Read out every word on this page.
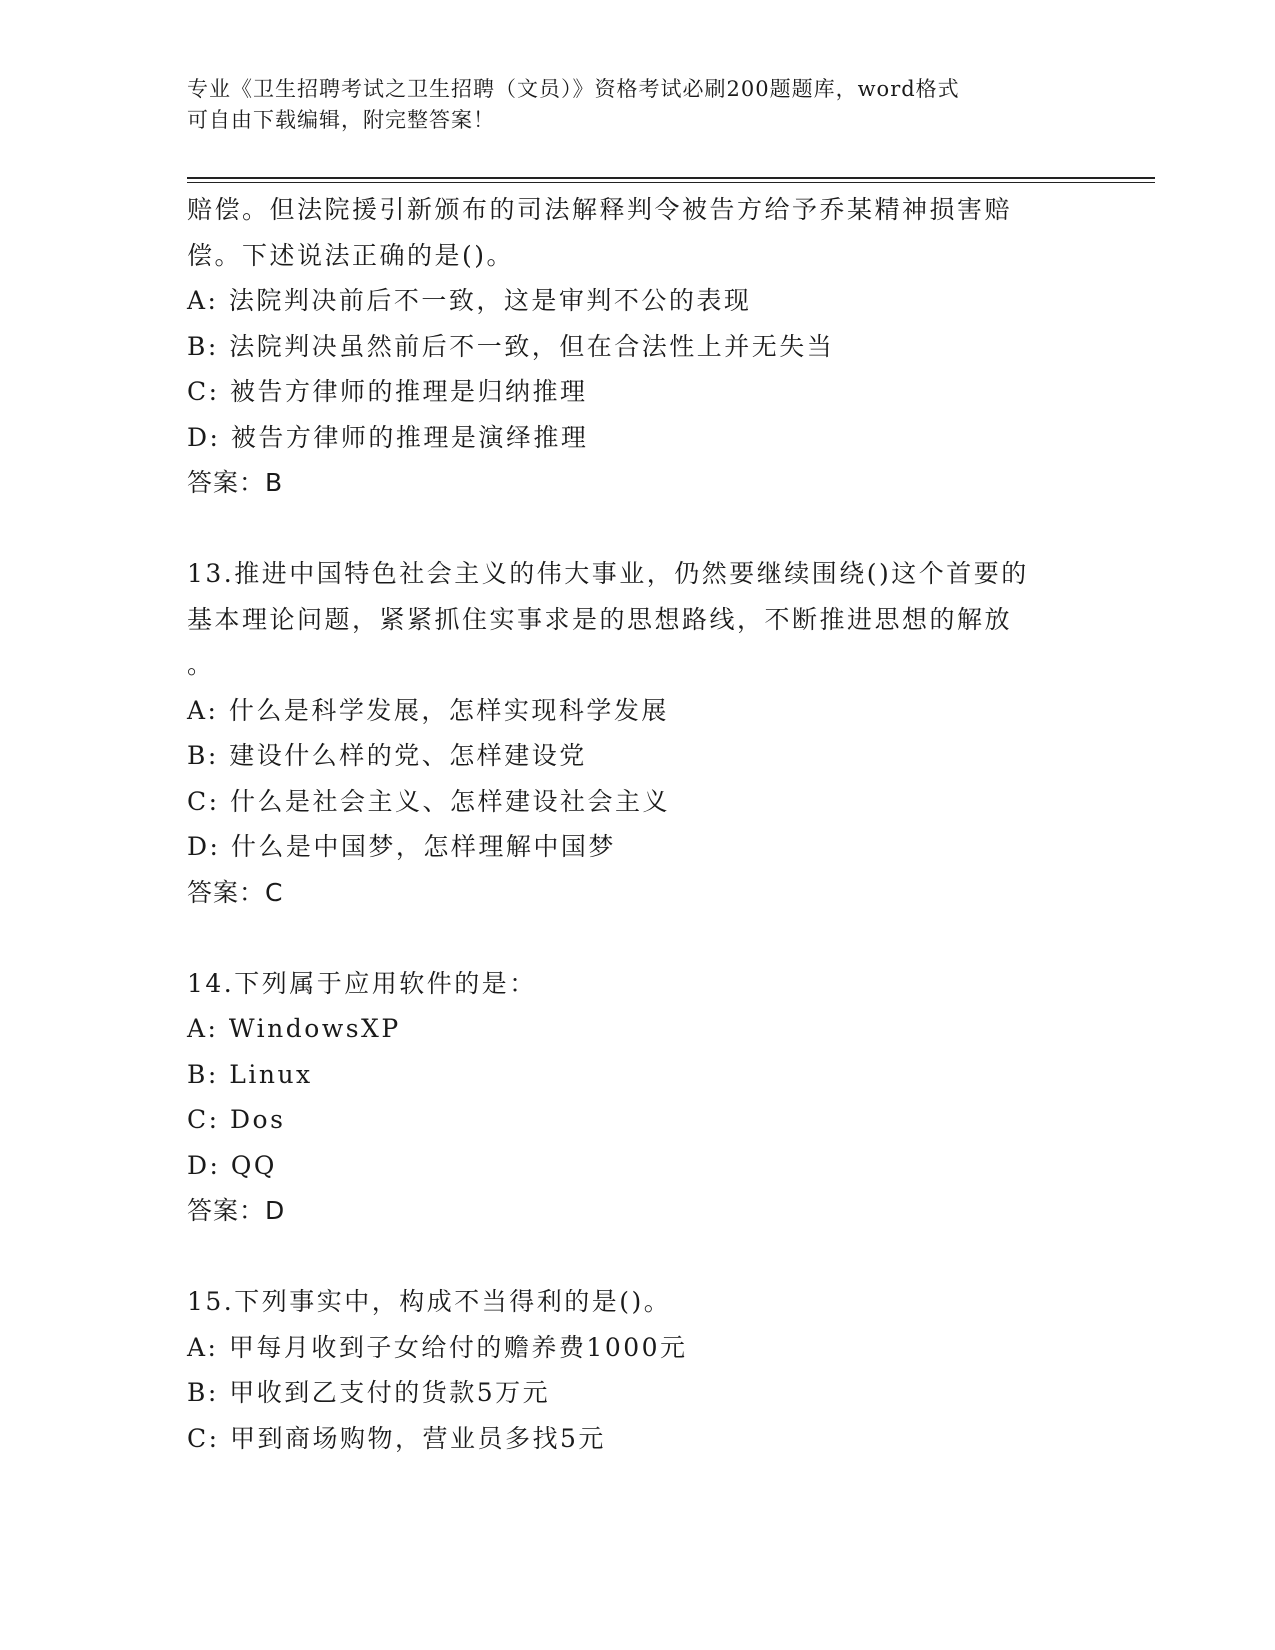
专业《卫生招聘考试之卫生招聘（文员）》资格考试必刷200题题库，word格式
可自由下载编辑，附完整答案！
赔偿。但法院援引新颁布的司法解释判令被告方给予乔某精神损害赔
偿。下述说法正确的是()。
A: 法院判决前后不一致，这是审判不公的表现
B: 法院判决虽然前后不一致，但在合法性上并无失当
C: 被告方律师的推理是归纳推理
D: 被告方律师的推理是演绎推理
答案：B
13.推进中国特色社会主义的伟大事业，仍然要继续围绕()这个首要的
基本理论问题，紧紧抓住实事求是的思想路线，不断推进思想的解放
。
A: 什么是科学发展，怎样实现科学发展
B: 建设什么样的党、怎样建设党
C: 什么是社会主义、怎样建设社会主义
D: 什么是中国梦，怎样理解中国梦
答案：C
14.下列属于应用软件的是：
A: WindowsXP
B: Linux
C: Dos
D: QQ
答案：D
15.下列事实中，构成不当得利的是()。
A: 甲每月收到子女给付的赡养费1000元
B: 甲收到乙支付的货款5万元
C: 甲到商场购物，营业员多找5元
